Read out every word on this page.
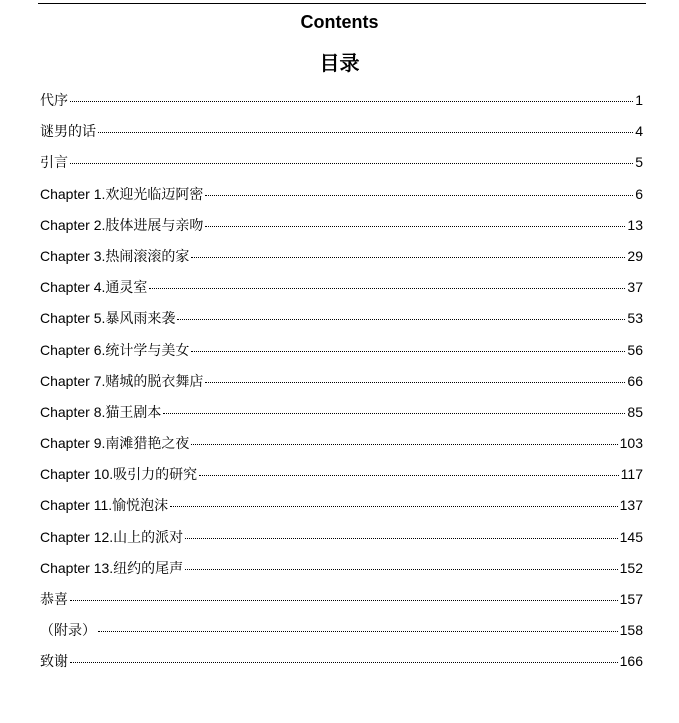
Contents
目录
代序	1
谜男的话	4
引言	5
Chapter 1.欢迎光临迈阿密	6
Chapter 2.肢体进展与亲吻	13
Chapter 3.热闹滚滚的家	29
Chapter 4.通灵室	37
Chapter 5.暴风雨来袭	53
Chapter 6.统计学与美女	56
Chapter 7.赌城的脱衣舞店	66
Chapter 8.猫王剧本	85
Chapter 9.南滩猎艳之夜	103
Chapter 10.吸引力的研究	117
Chapter 11.愉悦泡沫	137
Chapter 12.山上的派对	145
Chapter 13.纽约的尾声	152
恭喜	157
（附录）	158
致谢	166
